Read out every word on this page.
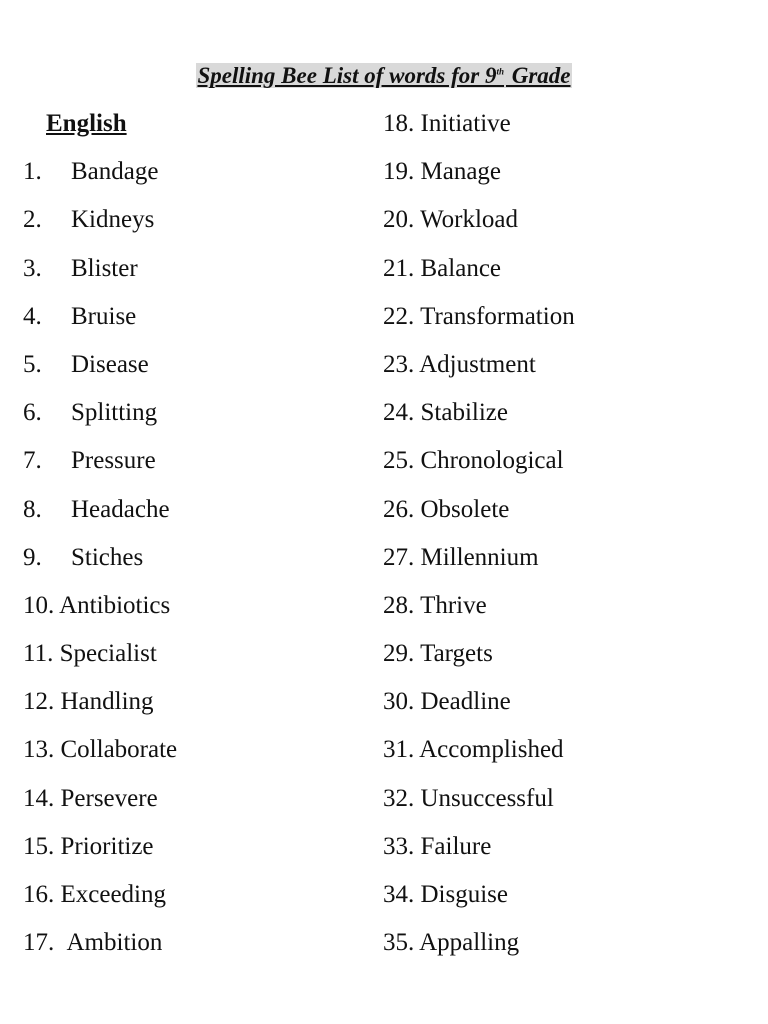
Spelling Bee List of words for 9th Grade
English
1. Bandage
2. Kidneys
3. Blister
4. Bruise
5. Disease
6. Splitting
7. Pressure
8. Headache
9. Stiches
10. Antibiotics
11. Specialist
12. Handling
13. Collaborate
14. Persevere
15. Prioritize
16. Exceeding
17. Ambition
18. Initiative
19. Manage
20. Workload
21. Balance
22. Transformation
23. Adjustment
24. Stabilize
25. Chronological
26. Obsolete
27. Millennium
28. Thrive
29. Targets
30. Deadline
31. Accomplished
32. Unsuccessful
33. Failure
34. Disguise
35. Appalling
